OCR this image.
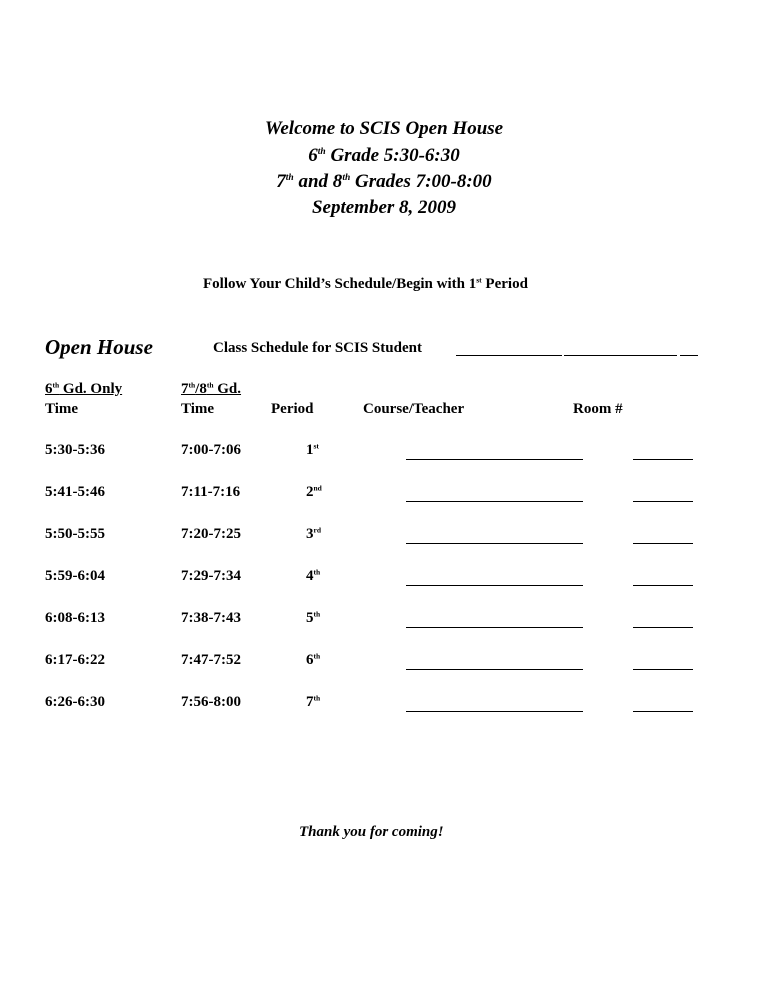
Welcome to SCIS Open House
6th Grade 5:30-6:30
7th and 8th Grades 7:00-8:00
September 8, 2009
Follow Your Child’s Schedule/Begin with 1st Period
Open House	Class Schedule for SCIS Student
6th Gd. Only	7th/8th Gd.
Time	Time	Period	Course/Teacher	Room #
5:30-5:36	7:00-7:06	1st
5:41-5:46	7:11-7:16	2nd
5:50-5:55	7:20-7:25	3rd
5:59-6:04	7:29-7:34	4th
6:08-6:13	7:38-7:43	5th
6:17-6:22	7:47-7:52	6th
6:26-6:30	7:56-8:00	7th
Thank you for coming!
